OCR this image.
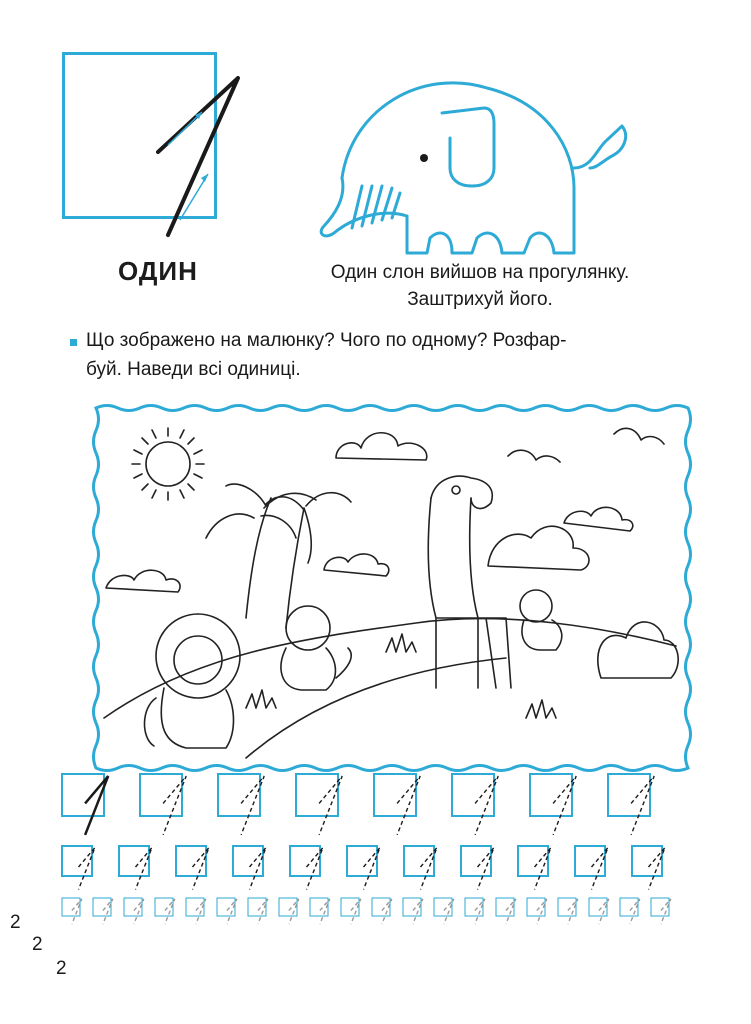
ОДИН	Один слон вийшов на прогулянку.
Заштрихуй його.
Що зображено на малюнку? Чого по одному? Розфар-
буй. Наведи всі одиниці.
2
2
2
